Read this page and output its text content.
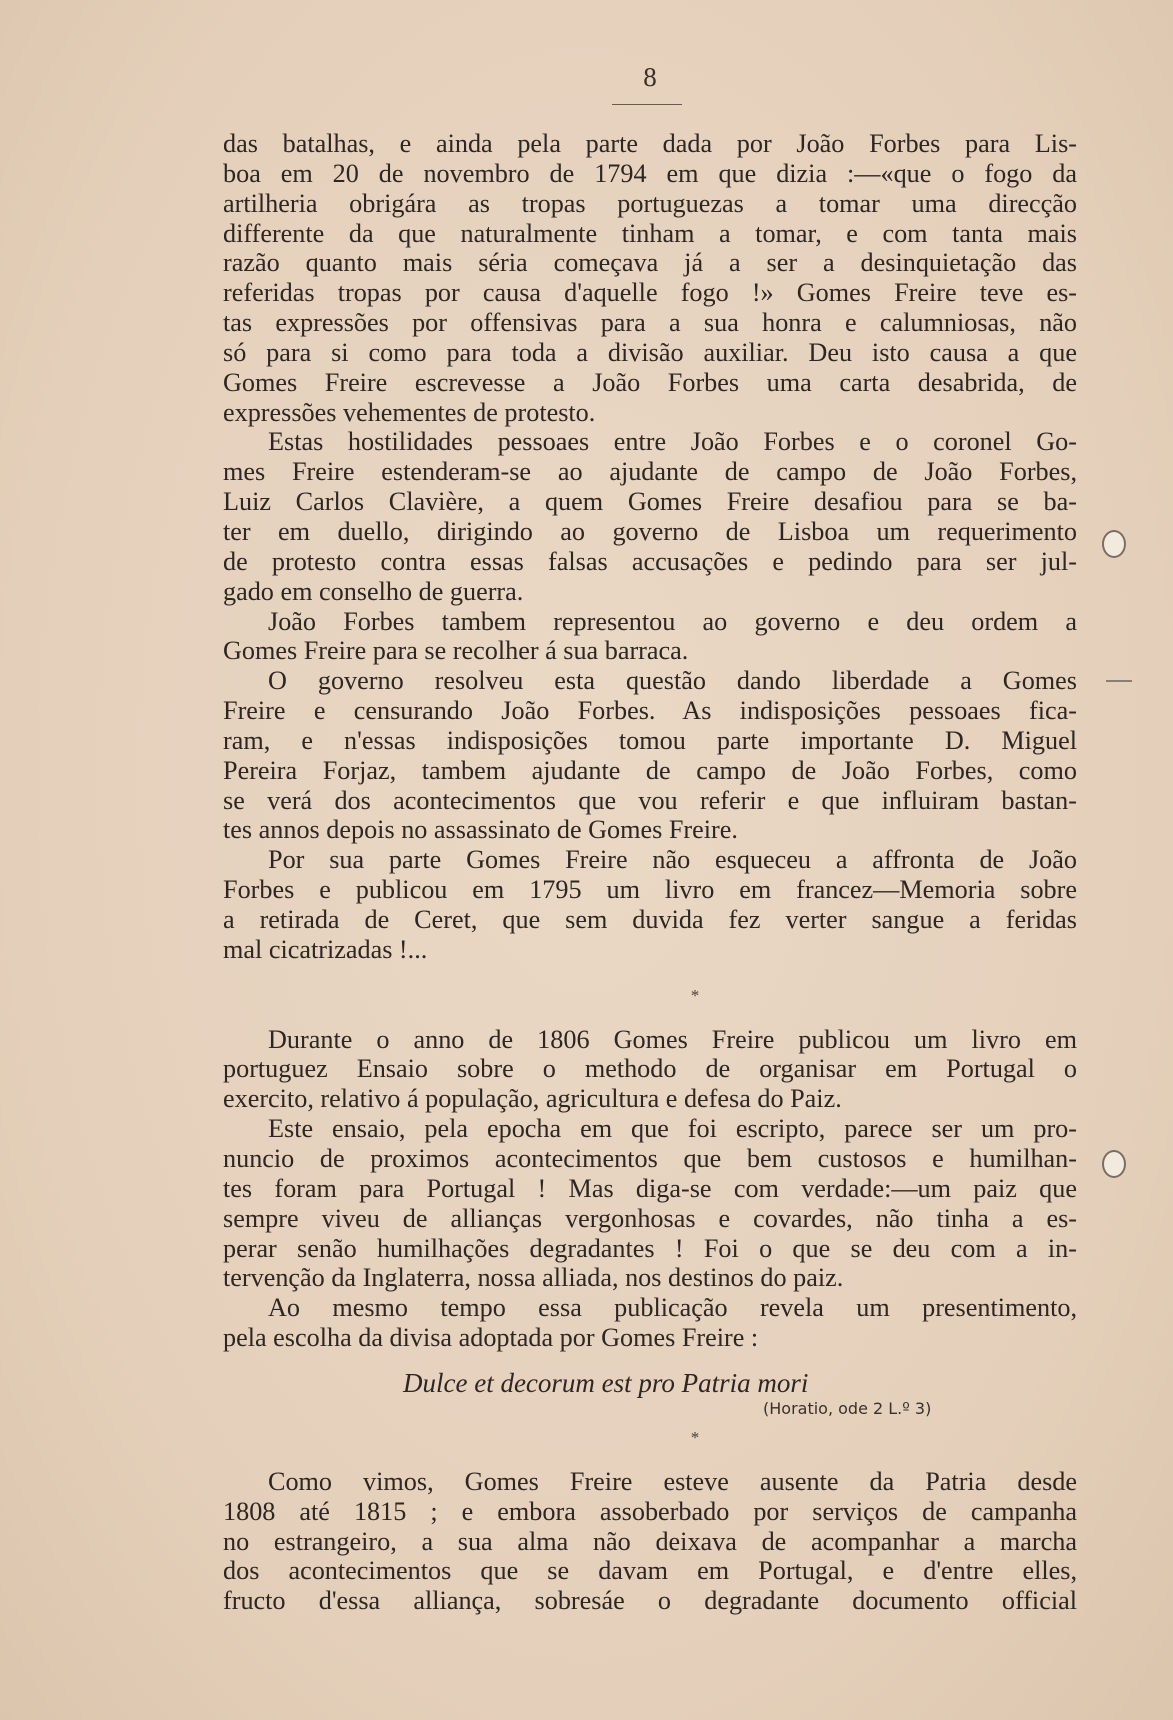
8
das batalhas, e ainda pela parte dada por João Forbes para Lis-
boa em 20 de novembro de 1794 em que dizia :—«que o fogo da
artilheria obrigára as tropas portuguezas a tomar uma direcção
differente da que naturalmente tinham a tomar, e com tanta mais
razão quanto mais séria começava já a ser a desinquietação das
referidas tropas por causa d'aquelle fogo !» Gomes Freire teve es-
tas expressões por offensivas para a sua honra e calumniosas, não
só para si como para toda a divisão auxiliar. Deu isto causa a que
Gomes Freire escrevesse a João Forbes uma carta desabrida, de
expressões vehementes de protesto.
Estas hostilidades pessoaes entre João Forbes e o coronel Go-
mes Freire estenderam-se ao ajudante de campo de João Forbes,
Luiz Carlos Clavière, a quem Gomes Freire desafiou para se ba-
ter em duello, dirigindo ao governo de Lisboa um requerimento
de protesto contra essas falsas accusações e pedindo para ser jul-
gado em conselho de guerra.
João Forbes tambem representou ao governo e deu ordem a
Gomes Freire para se recolher á sua barraca.
O governo resolveu esta questão dando liberdade a Gomes
Freire e censurando João Forbes. As indisposições pessoaes fica-
ram, e n'essas indisposições tomou parte importante D. Miguel
Pereira Forjaz, tambem ajudante de campo de João Forbes, como
se verá dos acontecimentos que vou referir e que influiram bastan-
tes annos depois no assassinato de Gomes Freire.
Por sua parte Gomes Freire não esqueceu a affronta de João
Forbes e publicou em 1795 um livro em francez—Memoria sobre
a retirada de Ceret, que sem duvida fez verter sangue a feridas
mal cicatrizadas !...
*
Durante o anno de 1806 Gomes Freire publicou um livro em
portuguez Ensaio sobre o methodo de organisar em Portugal o
exercito, relativo á população, agricultura e defesa do Paiz.
Este ensaio, pela epocha em que foi escripto, parece ser um pro-
nuncio de proximos acontecimentos que bem custosos e humilhan-
tes foram para Portugal ! Mas diga-se com verdade:—um paiz que
sempre viveu de allianças vergonhosas e covardes, não tinha a es-
perar senão humilhações degradantes ! Foi o que se deu com a in-
tervenção da Inglaterra, nossa alliada, nos destinos do paiz.
Ao mesmo tempo essa publicação revela um presentimento,
pela escolha da divisa adoptada por Gomes Freire :
Dulce et decorum est pro Patria mori
(Horatio, ode 2 L.º 3)
*
Como vimos, Gomes Freire esteve ausente da Patria desde
1808 até 1815 ; e embora assoberbado por serviços de campanha
no estrangeiro, a sua alma não deixava de acompanhar a marcha
dos acontecimentos que se davam em Portugal, e d'entre elles,
fructo d'essa alliança, sobresáe o degradante documento official
